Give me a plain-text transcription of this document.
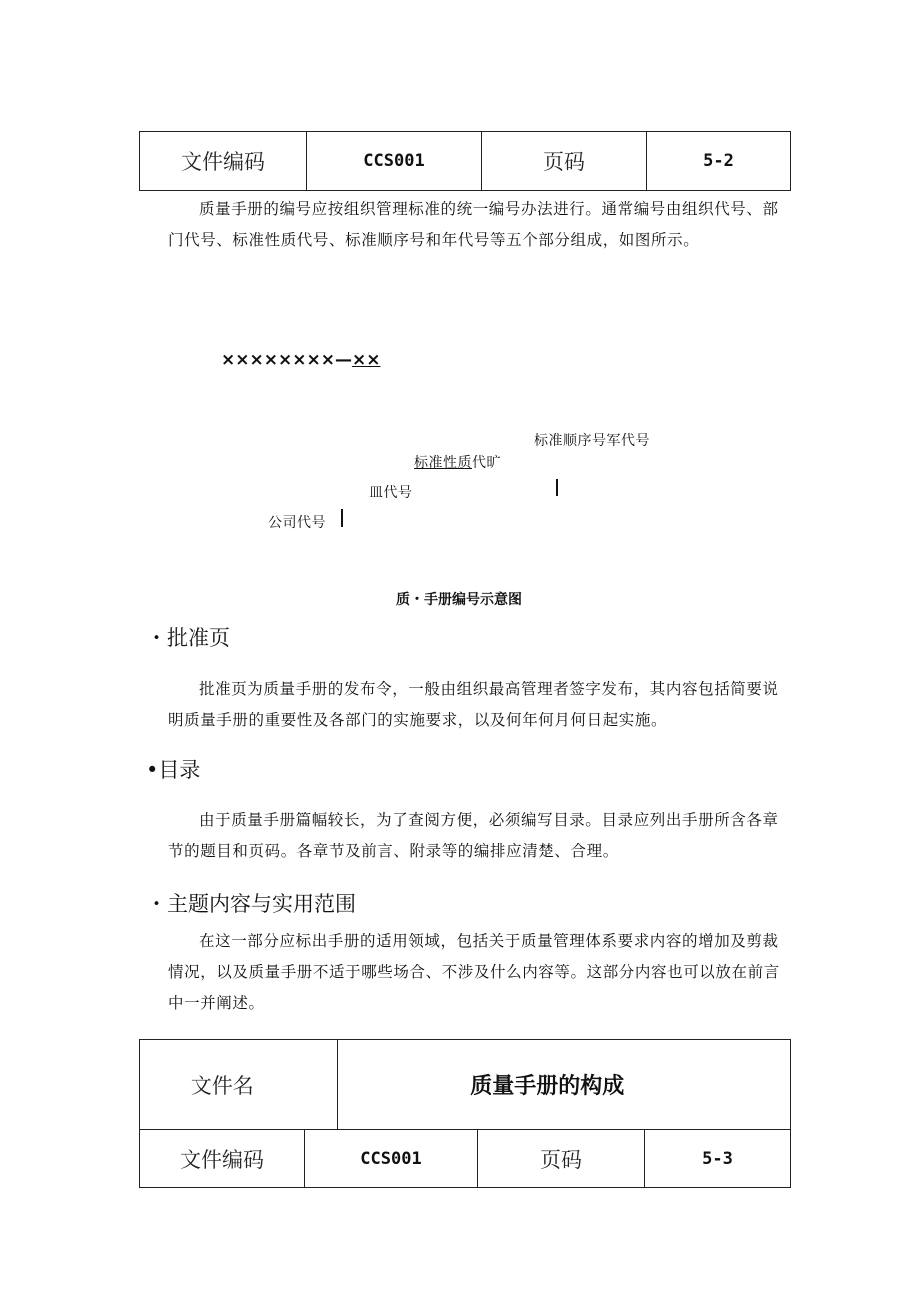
文件编码	CCS001	页码	5-2

质量手册的编号应按组织管理标准的统一编号办法进行。通常编号由组织代号、部门代号、标准性质代号、标准顺序号和年代号等五个部分组成，如图所示。

××××××××—××
标准顺序号军代号
标准性质代旷
皿代号
公司代号
质・手册编号示意图
・批准页

批准页为质量手册的发布令，一般由组织最高管理者签字发布，其内容包括简要说明质量手册的重要性及各部门的实施要求，以及何年何月何日起实施。

•目录

由于质量手册篇幅较长，为了查阅方便，必须编写目录。目录应列出手册所含各章节的题目和页码。各章节及前言、附录等的编排应清楚、合理。

・主题内容与实用范围

在这一部分应标出手册的适用领域，包括关于质量管理体系要求内容的增加及剪裁情况，以及质量手册不适于哪些场合、不涉及什么内容等。这部分内容也可以放在前言中一并阐述。

文件名	质量手册的构成		
文件编码	CCS001	页码	5-3
